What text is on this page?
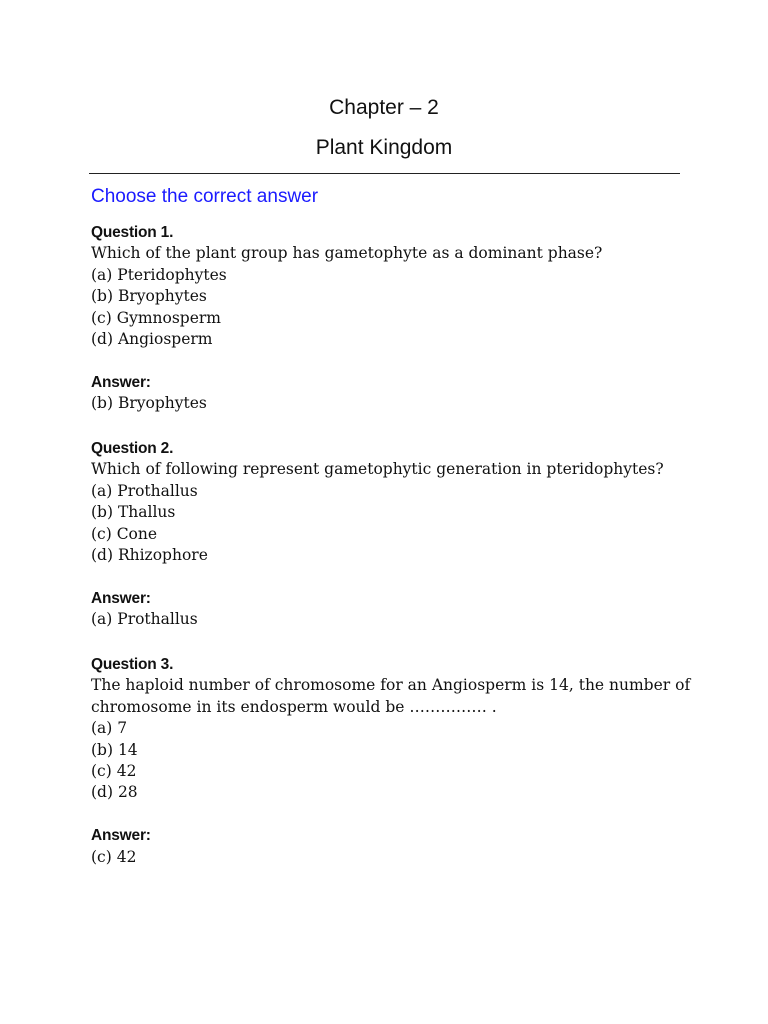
Chapter – 2
Plant Kingdom
Choose the correct answer
Question 1.
Which of the plant group has gametophyte as a dominant phase?
(a) Pteridophytes
(b) Bryophytes
(c) Gymnosperm
(d) Angiosperm
Answer:
(b) Bryophytes
Question 2.
Which of following represent gametophytic generation in pteridophytes?
(a) Prothallus
(b) Thallus
(c) Cone
(d) Rhizophore
Answer:
(a) Prothallus
Question 3.
The haploid number of chromosome for an Angiosperm is 14, the number of
chromosome in its endosperm would be …………… .
(a) 7
(b) 14
(c) 42
(d) 28
Answer:
(c) 42
